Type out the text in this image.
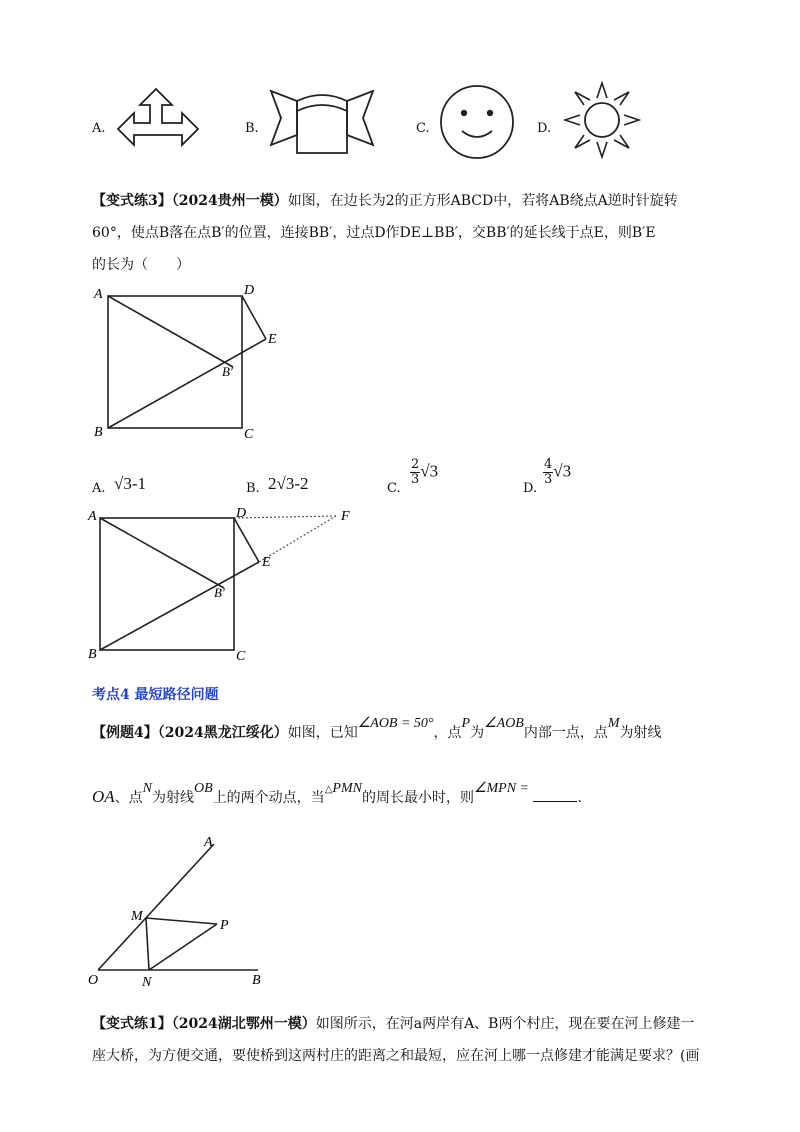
A.	B.	C.	D.
【变式练3】（2024贵州一模）如图，在边长为2的正方形ABCD中，若将AB绕点A逆时针旋转
60°，使点B落在点B′的位置，连接BB′，过点D作DE⊥BB′，交BB′的延长线于点E，则B′E
的长为（　　）
A	D
E
B′
B	C
A. √3-1	B. 2√3-2	C.
$\frac{2}{3} √3$
D.
$\frac{4}{3} √3$
A	D	F
E
B′
B	C
考点4 最短路径问题
【例题4】（2024黑龙江绥化）如图，已知∠AOB = 50°，点P为∠AOB内部一点，点M为射线
OA、点N为射线OB上的两个动点，当△PMN的周长最小时，则∠MPN = .
A
M
P
O	N	B
【变式练1】（2024湖北鄂州一模）如图所示，在河a两岸有A、B两个村庄，现在要在河上修建一
座大桥，为方便交通，要使桥到这两村庄的距离之和最短，应在河上哪一点修建才能满足要求？(画
